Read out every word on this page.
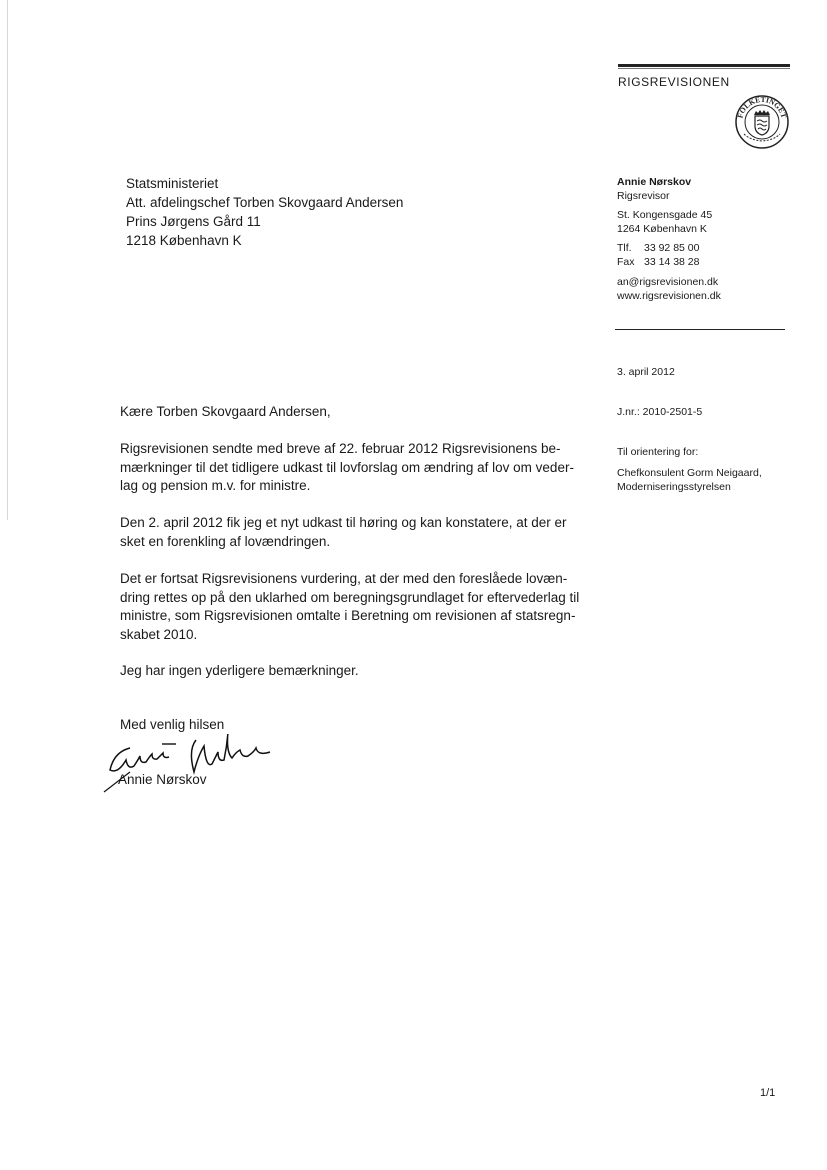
RIGSREVISIONEN
FOLKETINGET
Statsministeriet
Att. afdelingschef Torben Skovgaard Andersen
Prins Jørgens Gård 11
1218 København K
Annie Nørskov
Rigsrevisor
St. Kongensgade 45
1264 København K
Tlf. 33 92 85 00
Fax 33 14 38 28
an@rigsrevisionen.dk
www.rigsrevisionen.dk
3. april 2012
J.nr.: 2010-2501-5
Til orientering for:
Chefkonsulent Gorm Neigaard,
Moderniseringsstyrelsen
Kære Torben Skovgaard Andersen,

Rigsrevisionen sendte med breve af 22. februar 2012 Rigsrevisionens be-

mærkninger til det tidligere udkast til lovforslag om ændring af lov om veder-

lag og pension m.v. for ministre.

Den 2. april 2012 fik jeg et nyt udkast til høring og kan konstatere, at der er

sket en forenkling af lovændringen.

Det er fortsat Rigsrevisionens vurdering, at der med den foreslåede lovæn-

dring rettes op på den uklarhed om beregningsgrundlaget for eftervederlag til

ministre, som Rigsrevisionen omtalte i Beretning om revisionen af statsregn-

skabet 2010.

Jeg har ingen yderligere bemærkninger.
Med venlig hilsen
Annie Nørskov
1/1
